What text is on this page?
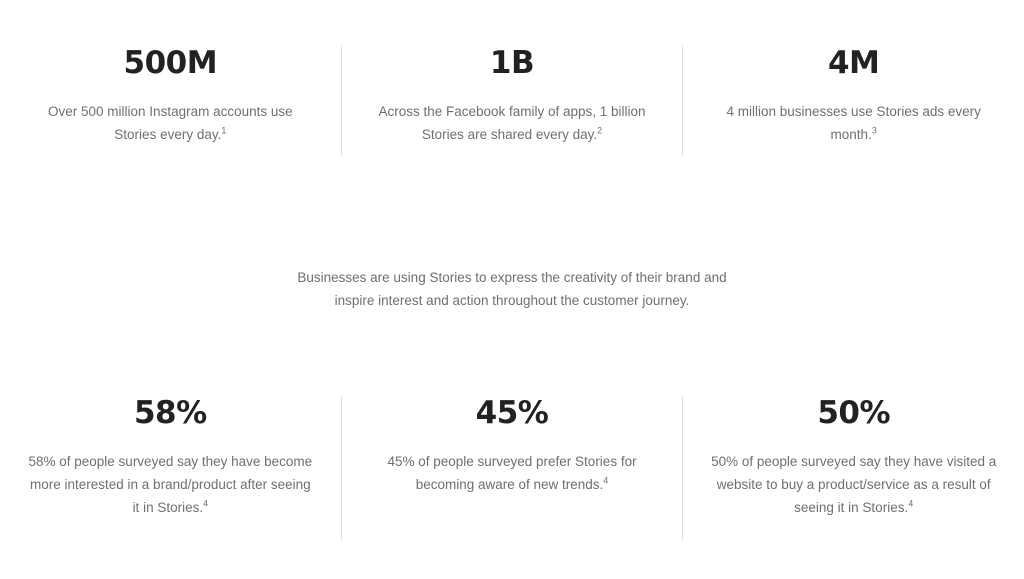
500M

Over 500 million Instagram accounts use Stories every day.$^1$

1B

Across the Facebook family of apps, 1 billion Stories are shared every day.$^2$

4M

4 million businesses use Stories ads every month.$^3$

Businesses are using Stories to express the creativity of their brand and
inspire interest and action throughout the customer journey.
58%

58% of people surveyed say they have become more interested in a brand/product after seeing it in Stories.$^4$

45%

45% of people surveyed prefer Stories for becoming aware of new trends.$^4$

50%

50% of people surveyed say they have visited a website to buy a product/service as a result of seeing it in Stories.$^4$
